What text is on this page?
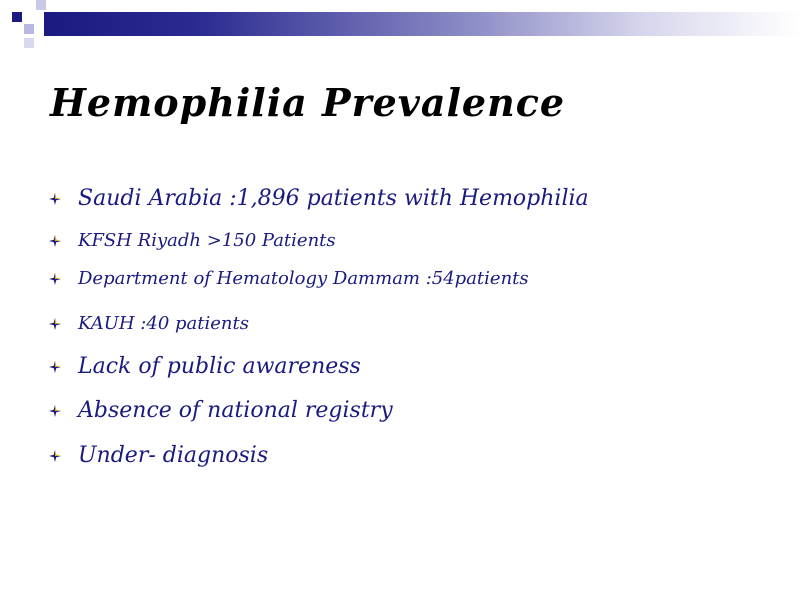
Hemophilia Prevalence
Saudi Arabia :1,896 patients with Hemophilia
KFSH Riyadh >150 Patients
Department of Hematology Dammam :54patients
KAUH :40 patients
Lack of public awareness
Absence of national registry
Under- diagnosis
